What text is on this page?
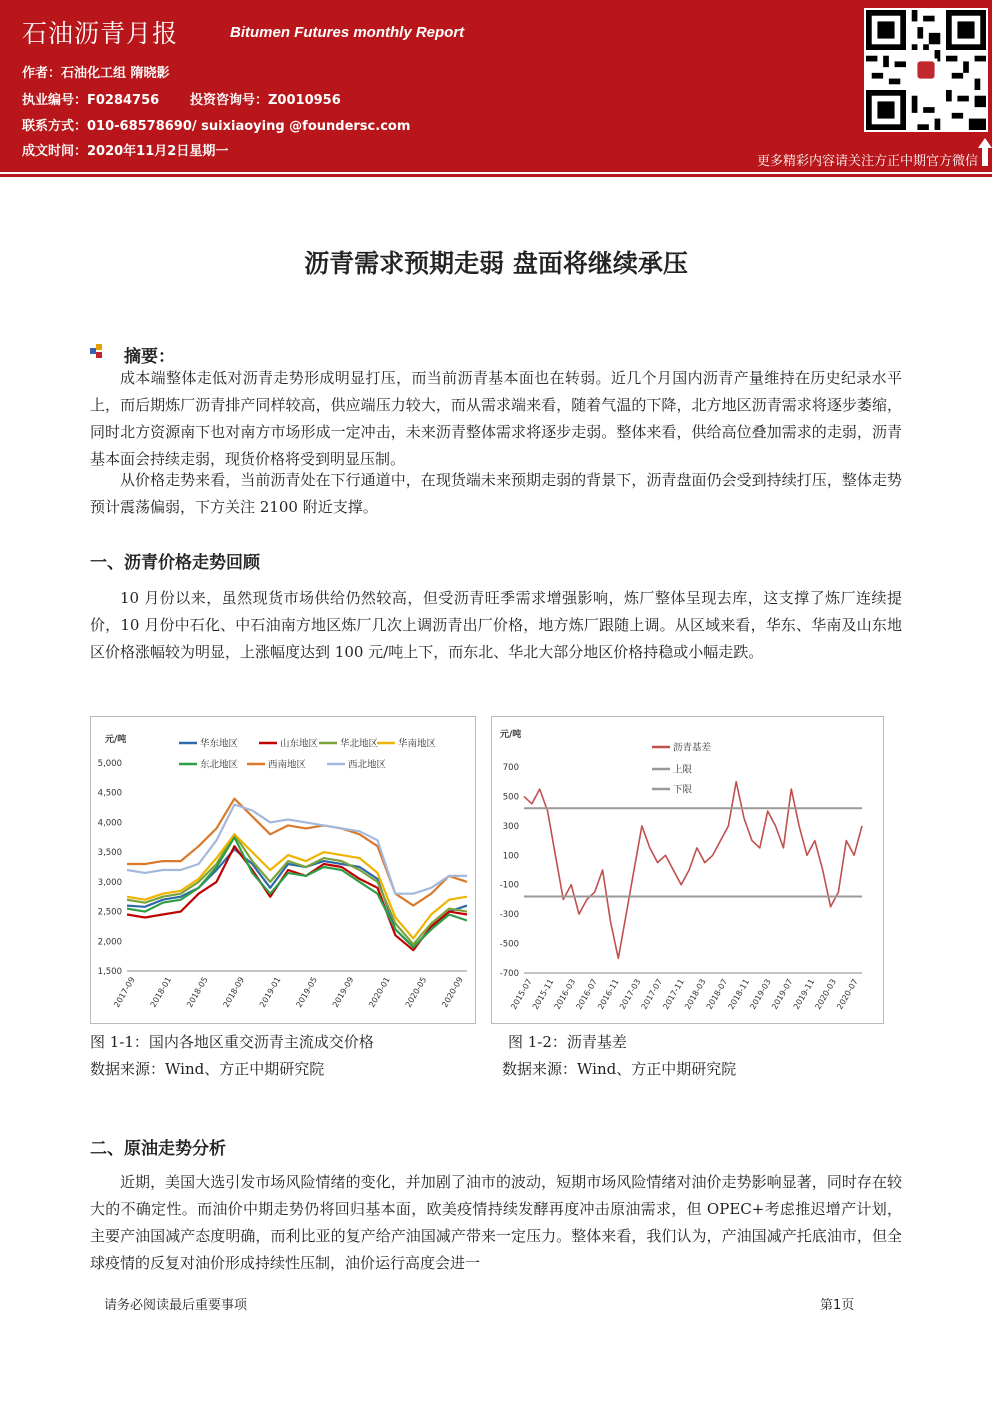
石油沥青月报	Bitumen Futures monthly Report
作者：石油化工组 隋晓影
执业编号：F0284756 投资咨询号：Z0010956
联系方式：010-68578690/ suixiaoying @foundersc.com
成文时间：2020年11月2日星期一
更多精彩内容请关注方正中期官方微信
沥青需求预期走弱 盘面将继续承压
摘要：
成本端整体走低对沥青走势形成明显打压，而当前沥青基本面也在转弱。近几个月国内沥青产量维持在历史纪录水平上，而后期炼厂沥青排产同样较高，供应端压力较大，而从需求端来看，随着气温的下降，北方地区沥青需求将逐步萎缩，同时北方资源南下也对南方市场形成一定冲击，未来沥青整体需求将逐步走弱。整体来看，供给高位叠加需求的走弱，沥青基本面会持续走弱，现货价格将受到明显压制。
从价格走势来看，当前沥青处在下行通道中，在现货端未来预期走弱的背景下，沥青盘面仍会受到持续打压，整体走势预计震荡偏弱，下方关注 2100 附近支撑。
一、沥青价格走势回顾
10 月份以来，虽然现货市场供给仍然较高，但受沥青旺季需求增强影响，炼厂整体呈现去库，这支撑了炼厂连续提价，10 月份中石化、中石油南方地区炼厂几次上调沥青出厂价格，地方炼厂跟随上调。从区域来看，华东、华南及山东地区价格涨幅较为明显，上涨幅度达到 100 元/吨上下，而东北、华北大部分地区价格持稳或小幅走跌。
元/吨
5,000
4,500
4,000
3,500
3,000
2,500
2,000
1,500
2017-09 2018-01 2018-05 2018-09 2019-01 2019-05 2019-09 2020-01 2020-05 2020-09
华东地区	山东地区 华北地区 华南地区
东北地区	西南地区	西北地区
元/吨
700
500
300
100
-100
-300
-500
-700
2015-07
2015-11
2016-03
2016-07
2016-11
2017-03
2017-07
2017-11
2018-03
2018-07
2018-11
2019-03
2019-07
2019-11
2020-03
2020-07
沥青基差
上限
下限
图 1-1：国内各地区重交沥青主流成交价格
数据来源：Wind、方正中期研究院
图 1-2：沥青基差
数据来源：Wind、方正中期研究院
二、原油走势分析
近期，美国大选引发市场风险情绪的变化，并加剧了油市的波动，短期市场风险情绪对油价走势影响显著，同时存在较大的不确定性。而油价中期走势仍将回归基本面，欧美疫情持续发酵再度冲击原油需求，但 OPEC+考虑推迟增产计划，主要产油国减产态度明确，而利比亚的复产给产油国减产带来一定压力。整体来看，我们认为，产油国减产托底油市，但全球疫情的反复对油价形成持续性压制，油价运行高度会进一
请务必阅读最后重要事项	第1页
